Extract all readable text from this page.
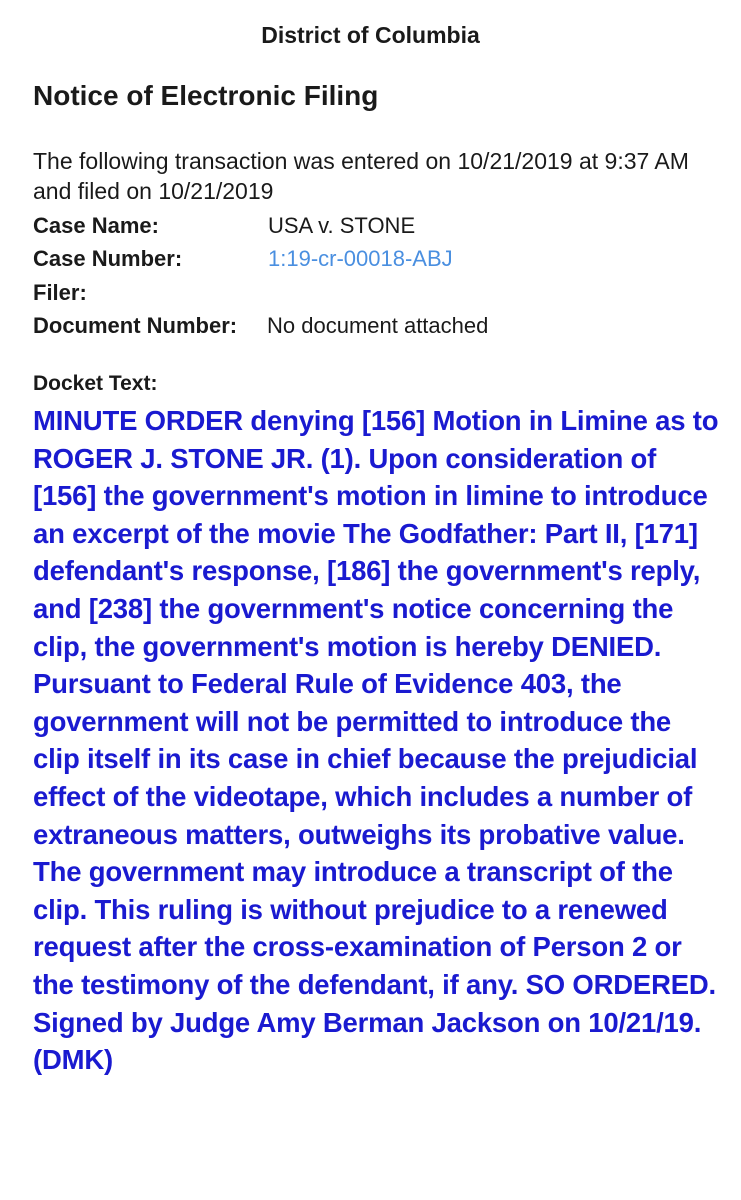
District of Columbia
Notice of Electronic Filing
The following transaction was entered on 10/21/2019 at 9:37 AM and filed on 10/21/2019
Case Name:	USA v. STONE
Case Number:	1:19-cr-00018-ABJ
Filer:
Document Number: No document attached
Docket Text:
MINUTE ORDER denying [156] Motion in Limine as to ROGER J. STONE JR. (1). Upon consideration of [156] the government's motion in limine to introduce an excerpt of the movie The Godfather: Part II, [171] defendant's response, [186] the government's reply, and [238] the government's notice concerning the clip, the government's motion is hereby DENIED. Pursuant to Federal Rule of Evidence 403, the government will not be permitted to introduce the clip itself in its case in chief because the prejudicial effect of the videotape, which includes a number of extraneous matters, outweighs its probative value. The government may introduce a transcript of the clip. This ruling is without prejudice to a renewed request after the cross-examination of Person 2 or the testimony of the defendant, if any. SO ORDERED. Signed by Judge Amy Berman Jackson on 10/21/19. (DMK)
